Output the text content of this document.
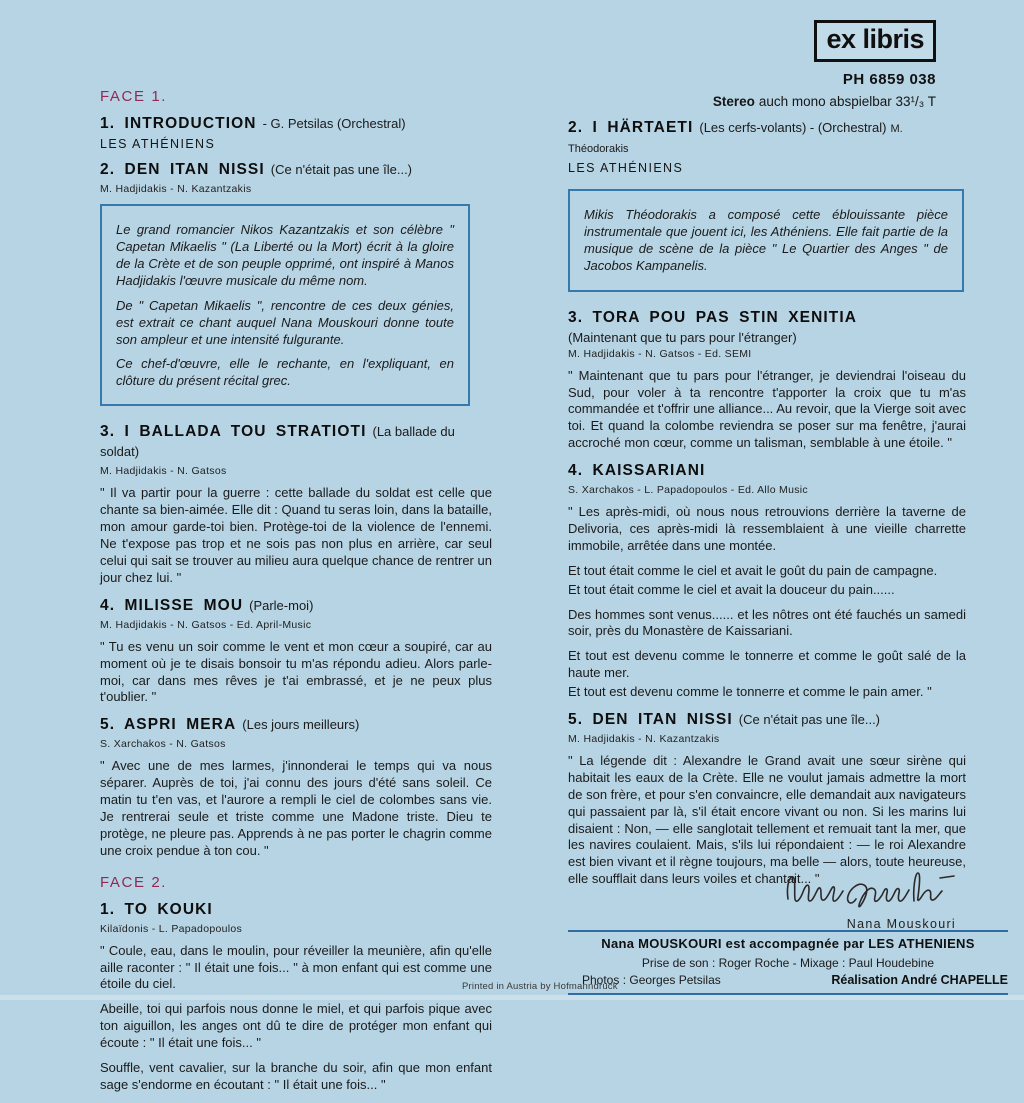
ex libris
PH 6859 038
Stereo auch mono abspielbar 33¹/₃ T
FACE 1.
1. INTRODUCTION - G. Petsilas (Orchestral)
LES ATHÉNIENS
2. DEN ITAN NISSI (Ce n'était pas une île...)
M. Hadjidakis - N. Kazantzakis

Le grand romancier Nikos Kazantzakis et son célèbre " Capetan Mikaelis " (La Liberté ou la Mort) écrit à la gloire de la Crète et de son peuple opprimé, ont inspiré à Manos Hadjidakis l'œuvre musicale du même nom.

De " Capetan Mikaelis ", rencontre de ces deux génies, est extrait ce chant auquel Nana Mouskouri donne toute son ampleur et une intensité fulgurante.

Ce chef-d'œuvre, elle le rechante, en l'expliquant, en clôture du présent récital grec.

3. I BALLADA TOU STRATIOTI (La ballade du soldat)
M. Hadjidakis - N. Gatsos

" Il va partir pour la guerre : cette ballade du soldat est celle que chante sa bien-aimée. Elle dit : Quand tu seras loin, dans la bataille, mon amour garde-toi bien. Protège-toi de la violence de l'ennemi. Ne t'expose pas trop et ne sois pas non plus en arrière, car seul celui qui sait se trouver au milieu aura quelque chance de rentrer un jour chez lui. "

4. MILISSE MOU (Parle-moi)
M. Hadjidakis - N. Gatsos - Ed. April-Music

" Tu es venu un soir comme le vent et mon cœur a soupiré, car au moment où je te disais bonsoir tu m'as répondu adieu. Alors parle-moi, car dans mes rêves je t'ai embrassé, et je ne peux plus t'oublier. "

5. ASPRI MERA (Les jours meilleurs)
S. Xarchakos - N. Gatsos

" Avec une de mes larmes, j'innonderai le temps qui va nous séparer. Auprès de toi, j'ai connu des jours d'été sans soleil. Ce matin tu t'en vas, et l'aurore a rempli le ciel de colombes sans vie. Je rentrerai seule et triste comme une Madone triste. Dieu te protège, ne pleure pas. Apprends à ne pas porter le chagrin comme une croix pendue à ton cou. "

FACE 2.
1. TO KOUKI
Kilaïdonis - L. Papadopoulos

" Coule, eau, dans le moulin, pour réveiller la meunière, afin qu'elle aille raconter : " Il était une fois... " à mon enfant qui est comme une étoile du ciel.

Abeille, toi qui parfois nous donne le miel, et qui parfois pique avec ton aiguillon, les anges ont dû te dire de protéger mon enfant qui écoute : " Il était une fois... "

Souffle, vent cavalier, sur la branche du soir, afin que mon enfant sage s'endorme en écoutant : " Il était une fois... "

2. I HÄRTAETI (Les cerfs-volants) - (Orchestral) M. Théodorakis
LES ATHÉNIENS

Mikis Théodorakis a composé cette éblouissante pièce instrumentale que jouent ici, les Athéniens. Elle fait partie de la musique de scène de la pièce " Le Quartier des Anges " de Jacobos Kampanelis.

3. TORA POU PAS STIN XENITIA
(Maintenant que tu pars pour l'étranger)
M. Hadjidakis - N. Gatsos - Ed. SEMI

" Maintenant que tu pars pour l'étranger, je deviendrai l'oiseau du Sud, pour voler à ta rencontre t'apporter la croix que tu m'as commandée et t'offrir une alliance... Au revoir, que la Vierge soit avec toi. Et quand la colombe reviendra se poser sur ma fenêtre, j'aurai accroché mon cœur, comme un talisman, semblable à une étoile. "

4. KAISSARIANI
S. Xarchakos - L. Papadopoulos - Ed. Allo Music

" Les après-midi, où nous nous retrouvions derrière la taverne de Delivoria, ces après-midi là ressemblaient à une vieille charrette immobile, arrêtée dans une montée.

Et tout était comme le ciel et avait le goût du pain de campagne.

Et tout était comme le ciel et avait la douceur du pain......

Des hommes sont venus...... et les nôtres ont été fauchés un samedi soir, près du Monastère de Kaissariani.

Et tout est devenu comme le tonnerre et comme le goût salé de la haute mer.

Et tout est devenu comme le tonnerre et comme le pain amer. "

5. DEN ITAN NISSI (Ce n'était pas une île...)
M. Hadjidakis - N. Kazantzakis

" La légende dit : Alexandre le Grand avait une sœur sirène qui habitait les eaux de la Crète. Elle ne voulut jamais admettre la mort de son frère, et pour s'en convaincre, elle demandait aux navigateurs qui passaient par là, s'il était encore vivant ou non. Si les marins lui disaient : Non, — elle sanglotait tellement et remuait tant la mer, que les navires coulaient. Mais, s'ils lui répondaient : — le roi Alexandre est bien vivant et il règne toujours, ma belle — alors, toute heureuse, elle soufflait dans leurs voiles et chantait... "

Nana Mouskouri
Nana MOUSKOURI est accompagnée par LES ATHENIENS
Prise de son : Roger Roche - Mixage : Paul Houdebine
Photos : Georges Petsilas	Réalisation André CHAPELLE
Printed in Austria by Hofmanndruck
